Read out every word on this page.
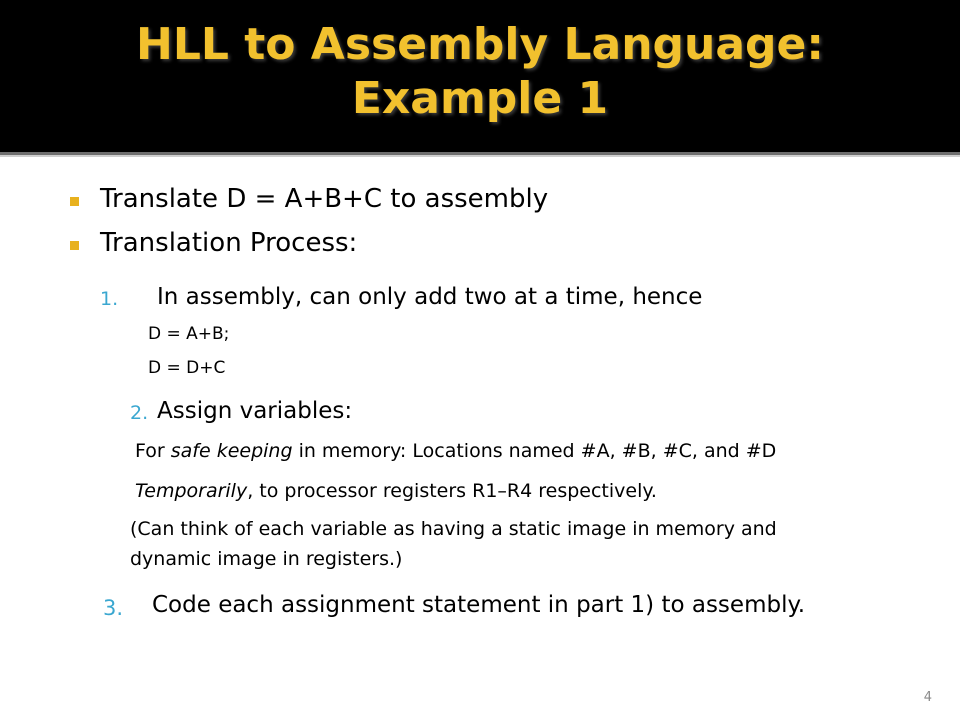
HLL to Assembly Language:
Example 1

Translate D = A+B+C to assembly

Translation Process:

1. In assembly, can only add two at a time, hence

D = A+B;

D = D+C

2. Assign variables:

For safe keeping in memory: Locations named #A, #B, #C, and #D

Temporarily, to processor registers R1–R4 respectively.

(Can think of each variable as having a static image in memory and

dynamic image in registers.)

3. Code each assignment statement in part 1) to assembly.

4
